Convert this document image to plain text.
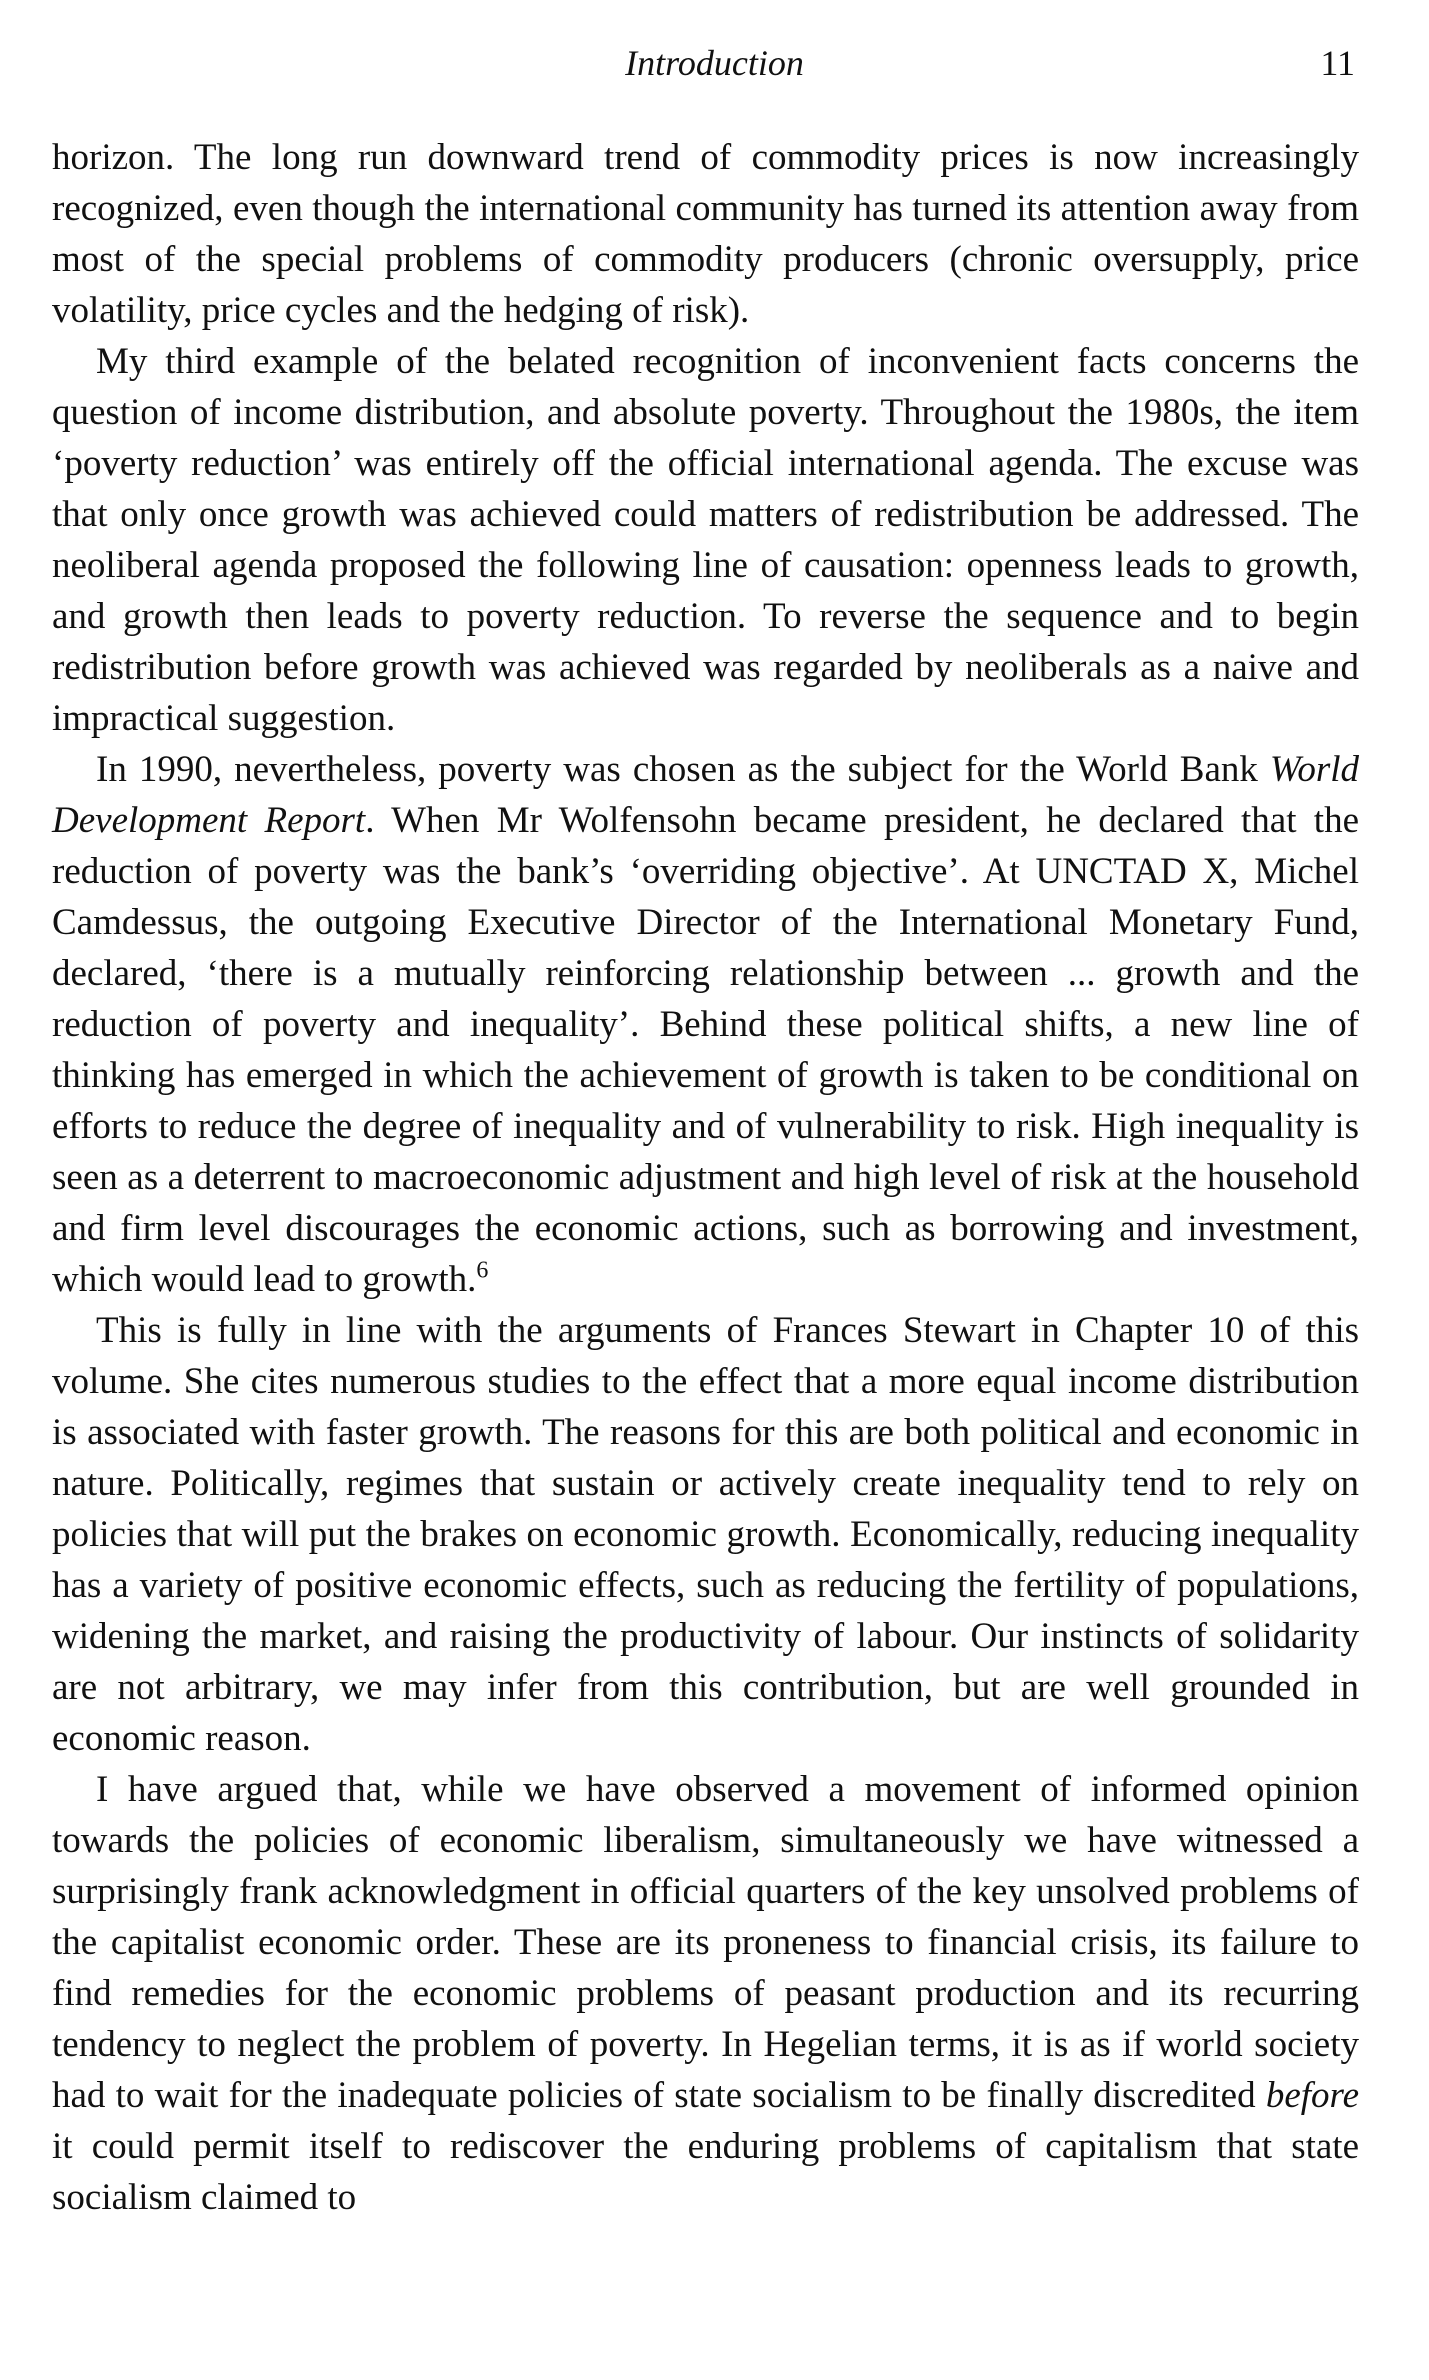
Introduction	11

horizon. The long run downward trend of commodity prices is now increasingly recognized, even though the international community has turned its attention away from most of the special problems of commodity producers (chronic oversupply, price volatility, price cycles and the hedging of risk).

My third example of the belated recognition of inconvenient facts concerns the question of income distribution, and absolute poverty. Throughout the 1980s, the item ‘poverty reduction’ was entirely off the official international agenda. The excuse was that only once growth was achieved could matters of redistribution be addressed. The neoliberal agenda proposed the following line of causation: openness leads to growth, and growth then leads to poverty reduction. To reverse the sequence and to begin redistribution before growth was achieved was regarded by neoliberals as a naive and impractical suggestion.

In 1990, nevertheless, poverty was chosen as the subject for the World Bank World Development Report. When Mr Wolfensohn became president, he declared that the reduction of poverty was the bank’s ‘overriding objective’. At UNCTAD X, Michel Camdessus, the outgoing Executive Director of the International Monetary Fund, declared, ‘there is a mutually reinforcing relationship between ... growth and the reduction of poverty and inequality’. Behind these political shifts, a new line of thinking has emerged in which the achievement of growth is taken to be conditional on efforts to reduce the degree of inequality and of vulnerability to risk. High inequality is seen as a deterrent to macroeconomic adjustment and high level of risk at the household and firm level discourages the economic actions, such as borrowing and investment, which would lead to growth.$^6$

This is fully in line with the arguments of Frances Stewart in Chapter 10 of this volume. She cites numerous studies to the effect that a more equal income distribution is associated with faster growth. The reasons for this are both political and economic in nature. Politically, regimes that sustain or actively create inequality tend to rely on policies that will put the brakes on economic growth. Economically, reducing inequality has a variety of positive economic effects, such as reducing the fertility of populations, widening the market, and raising the productivity of labour. Our instincts of solidarity are not arbitrary, we may infer from this contribution, but are well grounded in economic reason.

I have argued that, while we have observed a movement of informed opinion towards the policies of economic liberalism, simultaneously we have witnessed a surprisingly frank acknowledgment in official quarters of the key unsolved problems of the capitalist economic order. These are its proneness to financial crisis, its failure to find remedies for the economic problems of peasant production and its recurring tendency to neglect the problem of poverty. In Hegelian terms, it is as if world society had to wait for the inadequate policies of state socialism to be finally discredited before it could permit itself to rediscover the enduring problems of capitalism that state socialism claimed to
